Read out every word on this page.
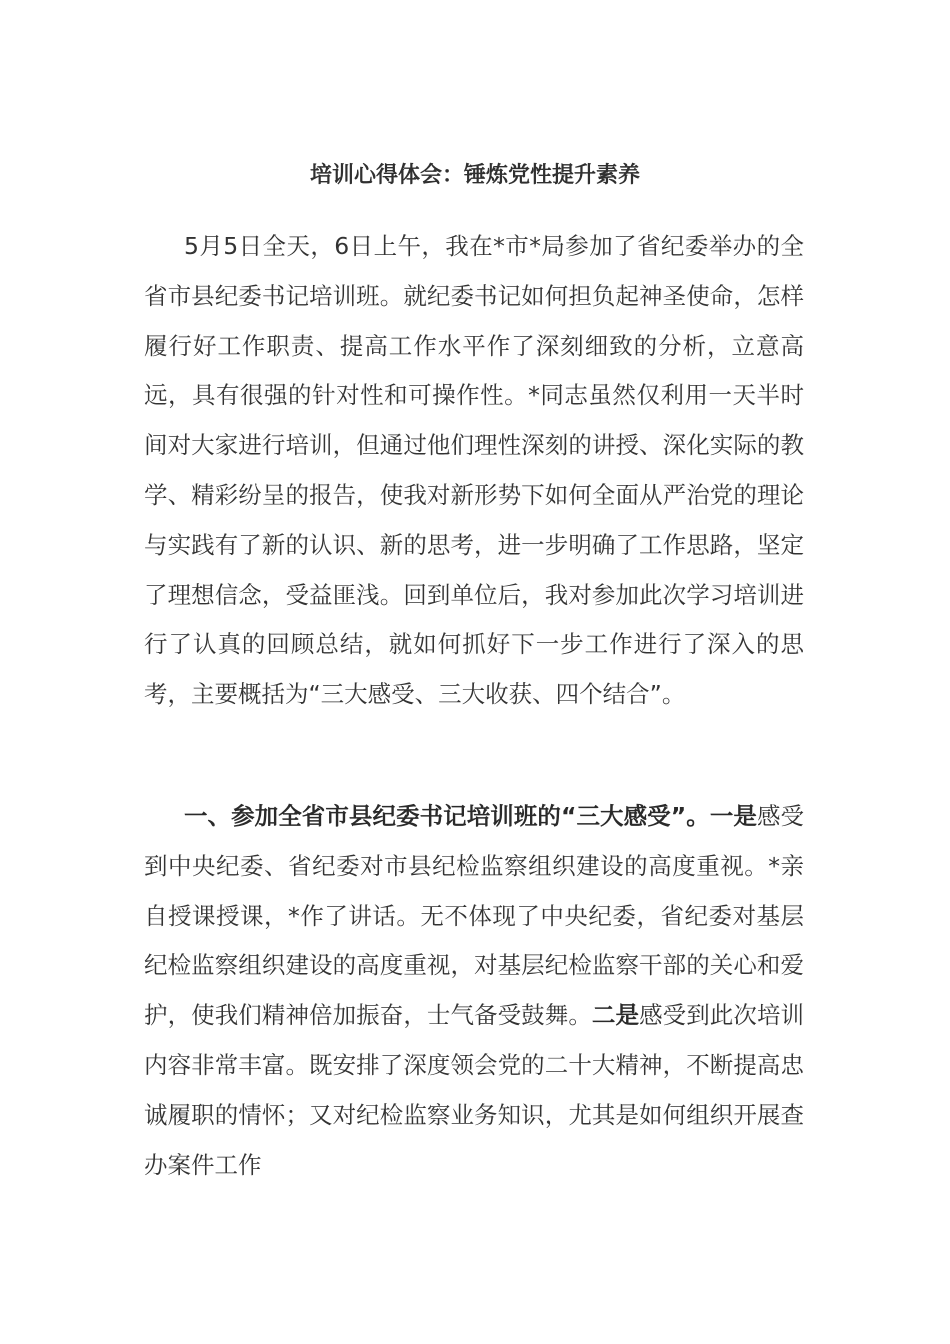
培训心得体会：锤炼党性提升素养

5月5日全天，6日上午，我在*市*局参加了省纪委举办的全省市县纪委书记培训班。就纪委书记如何担负起神圣使命，怎样履行好工作职责、提高工作水平作了深刻细致的分析，立意高远，具有很强的针对性和可操作性。*同志虽然仅利用一天半时间对大家进行培训，但通过他们理性深刻的讲授、深化实际的教学、精彩纷呈的报告，使我对新形势下如何全面从严治党的理论与实践有了新的认识、新的思考，进一步明确了工作思路，坚定了理想信念，受益匪浅。回到单位后，我对参加此次学习培训进行了认真的回顾总结，就如何抓好下一步工作进行了深入的思考，主要概括为“三大感受、三大收获、四个结合”。

一、参加全省市县纪委书记培训班的“三大感受”。一是感受到中央纪委、省纪委对市县纪检监察组织建设的高度重视。*亲自授课授课，*作了讲话。无不体现了中央纪委，省纪委对基层纪检监察组织建设的高度重视，对基层纪检监察干部的关心和爱护，使我们精神倍加振奋，士气备受鼓舞。二是感受到此次培训内容非常丰富。既安排了深度领会党的二十大精神，不断提高忠诚履职的情怀；又对纪检监察业务知识，尤其是如何组织开展查办案件工作
